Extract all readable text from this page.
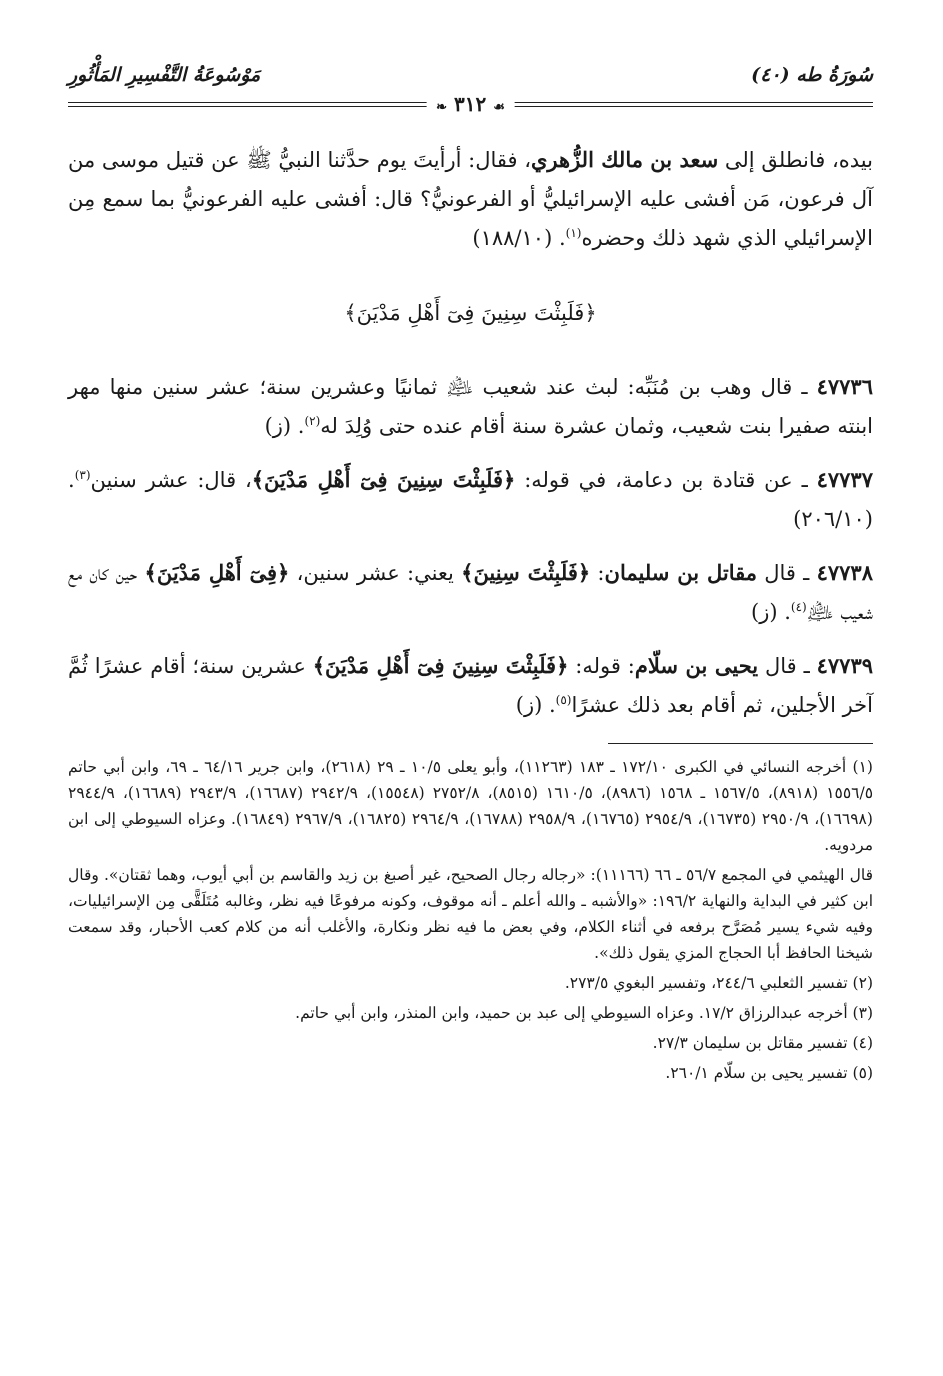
سُورَةُ طه (٤٠)
مَوْسُوعَةُ التَّفْسِيرِ المَأْثُورِ
☙ ٣١٢ ❧

بيده، فانطلق إلى سعد بن مالك الزُّهري، فقال: أرأيتَ يوم حدَّثنا النبيُّ ﷺ عن قتيل موسى من آل فرعون، مَن أفشى عليه الإسرائيليُّ أو الفرعونيُّ؟ قال: أفشى عليه الفرعونيُّ بما سمع مِن الإسرائيلي الذي شهد ذلك وحضره$^{(١)}$. (١٨٨/١٠)

﴿فَلَبِثْتَ سِنِينَ فِىٓ أَهْلِ مَدْيَنَ﴾

٤٧٧٣٦ ـ قال وهب بن مُنَبِّه: لبث عند شعيب ﵇ ثمانيًا وعشرين سنة؛ عشر سنين منها مهر ابنته صفيرا بنت شعيب، وثمان عشرة سنة أقام عنده حتى وُلِدَ له$^{(٢)}$. (ز)

٤٧٧٣٧ ـ عن قتادة بن دعامة، في قوله: ﴿فَلَبِثْتَ سِنِينَ فِىٓ أَهْلِ مَدْيَنَ﴾، قال: عشر سنين$^{(٣)}$. (٢٠٦/١٠)

٤٧٧٣٨ ـ قال مقاتل بن سليمان: ﴿فَلَبِثْتَ سِنِينَ﴾ يعني: عشر سنين، ﴿فِىٓ أَهْلِ مَدْيَنَ﴾ حين كان مع شعيب ﵇$^{(٤)}$. (ز)

٤٧٧٣٩ ـ قال يحيى بن سلّام: قوله: ﴿فَلَبِثْتَ سِنِينَ فِىٓ أَهْلِ مَدْيَنَ﴾ عشرين سنة؛ أقام عشرًا ثُمَّ آخر الأجلين، ثم أقام بعد ذلك عشرًا$^{(٥)}$. (ز)

(١) أخرجه النسائي في الكبرى ١٧٢/١٠ ـ ١٨٣ (١١٢٦٣)، وأبو يعلى ١٠/٥ ـ ٢٩ (٢٦١٨)، وابن جرير ٦٤/١٦ ـ ٦٩، وابن أبي حاتم ١٥٥٦/٥ (٨٩١٨)، ١٥٦٧/٥ ـ ١٥٦٨ (٨٩٨٦)، ١٦١٠/٥ (٨٥١٥)، ٢٧٥٢/٨ (١٥٥٤٨)، ٢٩٤٢/٩ (١٦٦٨٧)، ٢٩٤٣/٩ (١٦٦٨٩)، ٢٩٤٤/٩ (١٦٦٩٨)، ٢٩٥٠/٩ (١٦٧٣٥)، ٢٩٥٤/٩ (١٦٧٦٥)، ٢٩٥٨/٩ (١٦٧٨٨)، ٢٩٦٤/٩ (١٦٨٢٥)، ٢٩٦٧/٩ (١٦٨٤٩). وعزاه السيوطي إلى ابن مردويه.

قال الهيثمي في المجمع ٥٦/٧ ـ ٦٦ (١١١٦٦): «رجاله رجال الصحيح، غير أصبغ بن زيد والقاسم بن أبي أيوب، وهما ثقتان». وقال ابن كثير في البداية والنهاية ١٩٦/٢: «والأشبه ـ والله أعلم ـ أنه موقوف، وكونه مرفوعًا فيه نظر، وغالبه مُتَلَقًّى مِن الإسرائيليات، وفيه شيء يسير مُصَرَّح برفعه في أثناء الكلام، وفي بعض ما فيه نظر ونكارة، والأغلب أنه من كلام كعب الأحبار، وقد سمعت شيخنا الحافظ أبا الحجاج المزي يقول ذلك».

(٢) تفسير الثعلبي ٢٤٤/٦، وتفسير البغوي ٢٧٣/٥.

(٣) أخرجه عبدالرزاق ١٧/٢. وعزاه السيوطي إلى عبد بن حميد، وابن المنذر، وابن أبي حاتم.

(٤) تفسير مقاتل بن سليمان ٢٧/٣.

(٥) تفسير يحيى بن سلّام ٢٦٠/١.
